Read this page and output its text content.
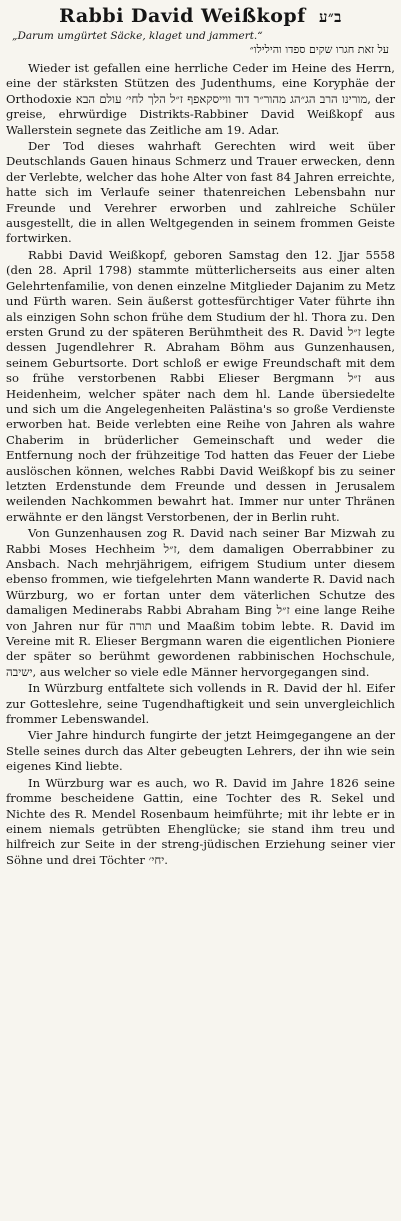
Rabbi David Weißkopf ב״ע
„Darum umgürtet Säcke, klaget und jammert.“
על זאת חגרו שקים ספדו והילילו״

Wieder ist gefallen eine herrliche Ceder im Heine des Herrn, eine der stärksten Stützen des Judenthums, eine Koryphäe der Orthodoxie מורינו הרב הג״הג מהור״ר דוד ווייסקאפף ז״ל הלך לחי׳ עולם הבא, der greise, ehrwürdige Distrikts-Rabbiner David Weißkopf aus Wallerstein segnete das Zeitliche am 19. Adar.

Der Tod dieses wahrhaft Gerechten wird weit über Deutschlands Gauen hinaus Schmerz und Trauer erwecken, denn der Verlebte, welcher das hohe Alter von fast 84 Jahren erreichte, hatte sich im Verlaufe seiner thatenreichen Lebensbahn nur Freunde und Verehrer erworben und zahlreiche Schüler ausgestellt, die in allen Weltgegenden in seinem frommen Geiste fortwirken.

Rabbi David Weißkopf, geboren Samstag den 12. Jjar 5558 (den 28. April 1798) stammte mütterlicherseits aus einer alten Gelehrtenfamilie, von denen einzelne Mitglieder Dajanim zu Metz und Fürth waren. Sein äußerst gottesfürchtiger Vater führte ihn als einzigen Sohn schon frühe dem Studium der hl. Thora zu. Den ersten Grund zu der späteren Berühmtheit des R. David ז״ל legte dessen Jugendlehrer R. Abraham Böhm aus Gunzenhausen, seinem Geburtsorte. Dort schloß er ewige Freundschaft mit dem so frühe verstorbenen Rabbi Elieser Bergmann ז״ל aus Heidenheim, welcher später nach dem hl. Lande übersiedelte und sich um die Angelegenheiten Palästina's so große Verdienste erworben hat. Beide verlebten eine Reihe von Jahren als wahre Chaberim in brüderlicher Gemeinschaft und weder die Entfernung noch der frühzeitige Tod hatten das Feuer der Liebe auslöschen können, welches Rabbi David Weißkopf bis zu seiner letzten Erdenstunde dem Freunde und dessen in Jerusalem weilenden Nachkommen bewahrt hat. Immer nur unter Thränen erwähnte er den längst Verstorbenen, der in Berlin ruht.

Von Gunzenhausen zog R. David nach seiner Bar Mizwah zu Rabbi Moses Hechheim ז״ל, dem damaligen Oberrabbiner zu Ansbach. Nach mehrjährigem, eifrigem Studium unter diesem ebenso frommen, wie tiefgelehrten Mann wanderte R. David nach Würzburg, wo er fortan unter dem väterlichen Schutze des damaligen Medinerabs Rabbi Abraham Bing ז״ל eine lange Reihe von Jahren nur für תורה und Maaßim tobim lebte. R. David im Vereine mit R. Elieser Bergmann waren die eigentlichen Pioniere der später so berühmt gewordenen rabbinischen Hochschule, ישיבה, aus welcher so viele edle Männer hervorgegangen sind.

In Würzburg entfaltete sich vollends in R. David der hl. Eifer zur Gotteslehre, seine Tugendhaftigkeit und sein unvergleichlich frommer Lebenswandel.

Vier Jahre hindurch fungirte der jetzt Heimgegangene an der Stelle seines durch das Alter gebeugten Lehrers, der ihn wie sein eigenes Kind liebte.

In Würzburg war es auch, wo R. David im Jahre 1826 seine fromme bescheidene Gattin, eine Tochter des R. Sekel und Nichte des R. Mendel Rosenbaum heimführte; mit ihr lebte er in einem niemals getrübten Ehenglücke; sie stand ihm treu und hilfreich zur Seite in der streng-jüdischen Erziehung seiner vier Söhne und drei Töchter יחי׳.
